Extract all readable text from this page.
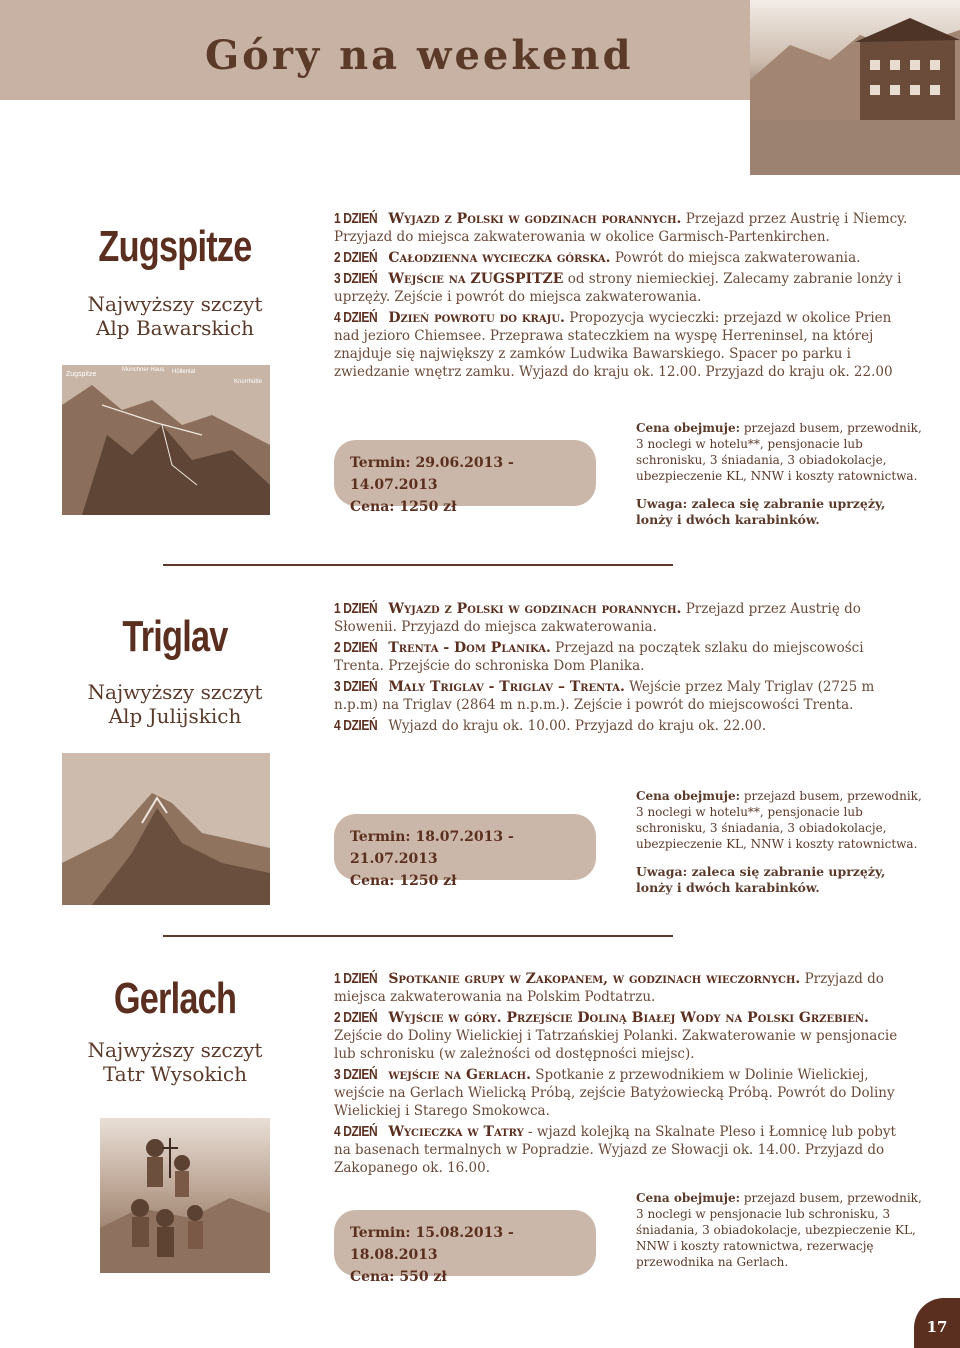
Góry na weekend
Zugspitze
Najwyższy szczyt
Alp Bawarskich
Zugspitze
Münchner Haus Höllental
Knorrhütte
1 DZIEŃ Wyjazd z Polski w godzinach porannych. Przejazd przez Austrię i Niemcy. Przyjazd do miejsca zakwaterowania w okolice Garmisch-Partenkirchen.
2 DZIEŃ Całodzienna wycieczka górska. Powrót do miejsca zakwaterowania.
3 DZIEŃ Wejście na ZUGSPITZE od strony niemieckiej. Zalecamy zabranie lonży i uprzęży. Zejście i powrót do miejsca zakwaterowania.
4 DZIEŃ Dzień powrotu do kraju. Propozycja wycieczki: przejazd w okolice Prien nad jezioro Chiemsee. Przeprawa stateczkiem na wyspę Herreninsel, na której znajduje się największy z zamków Ludwika Bawarskiego. Spacer po parku i zwiedzanie wnętrz zamku. Wyjazd do kraju ok. 12.00. Przyjazd do kraju ok. 22.00
Termin: 29.06.2013 - 14.07.2013
Cena: 1250 zł
Cena obejmuje: przejazd busem, przewodnik, 3 noclegi w hotelu**, pensjonacie lub schronisku, 3 śniadania, 3 obiadokolacje, ubezpieczenie KL, NNW i koszty ratownictwa.
Uwaga: zaleca się zabranie uprzęży, lonży i dwóch karabinków.
Triglav
Najwyższy szczyt
Alp Julijskich
1 DZIEŃ Wyjazd z Polski w godzinach porannych. Przejazd przez Austrię do Słowenii. Przyjazd do miejsca zakwaterowania.
2 DZIEŃ Trenta - Dom Planika. Przejazd na początek szlaku do miejscowości Trenta. Przejście do schroniska Dom Planika.
3 DZIEŃ Maly Triglav - Triglav – Trenta. Wejście przez Maly Triglav (2725 m n.p.m) na Triglav (2864 m n.p.m.). Zejście i powrót do miejscowości Trenta.
4 DZIEŃ Wyjazd do kraju ok. 10.00. Przyjazd do kraju ok. 22.00.
Termin: 18.07.2013 - 21.07.2013
Cena: 1250 zł
Cena obejmuje: przejazd busem, przewodnik, 3 noclegi w hotelu**, pensjonacie lub schronisku, 3 śniadania, 3 obiadokolacje, ubezpieczenie KL, NNW i koszty ratownictwa.
Uwaga: zaleca się zabranie uprzęży, lonży i dwóch karabinków.
Gerlach
Najwyższy szczyt
Tatr Wysokich
1 DZIEŃ Spotkanie grupy w Zakopanem, w godzinach wieczornych. Przyjazd do miejsca zakwaterowania na Polskim Podtatrzu.
2 DZIEŃ Wyjście w góry. Przejście Doliną Białej Wody na Polski Grzebień. Zejście do Doliny Wielickiej i Tatrzańskiej Polanki. Zakwaterowanie w pensjonacie lub schronisku (w zależności od dostępności miejsc).
3 DZIEŃ wejście na Gerlach. Spotkanie z przewodnikiem w Dolinie Wielickiej, wejście na Gerlach Wielicką Próbą, zejście Batyżowiecką Próbą. Powrót do Doliny Wielickiej i Starego Smokowca.
4 DZIEŃ Wycieczka w Tatry - wjazd kolejką na Skalnate Pleso i Łomnicę lub pobyt na basenach termalnych w Popradzie. Wyjazd ze Słowacji ok. 14.00. Przyjazd do Zakopanego ok. 16.00.
Termin: 15.08.2013 - 18.08.2013
Cena: 550 zł
Cena obejmuje: przejazd busem, przewodnik, 3 noclegi w pensjonacie lub schronisku, 3 śniadania, 3 obiadokolacje, ubezpieczenie KL, NNW i koszty ratownictwa, rezerwację przewodnika na Gerlach.
17
